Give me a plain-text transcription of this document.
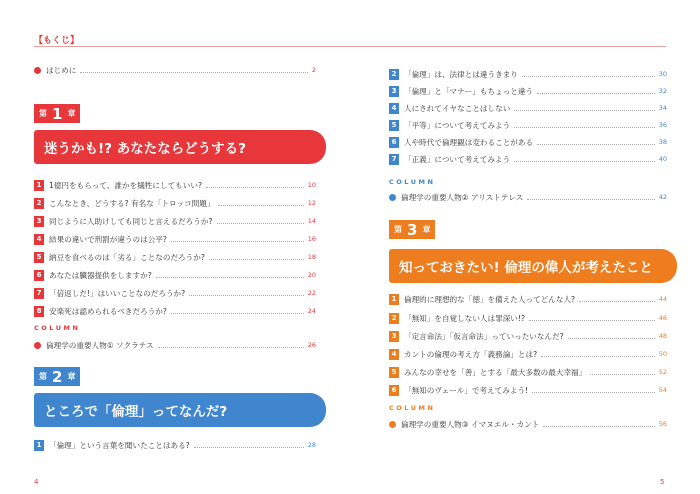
【もくじ】
はじめに	2
第 1 章
迷うかも!? あなたならどうする?
1 1億円をもらって、誰かを犠牲にしてもいい?	10
2 こんなとき、どうする? 有名な「トロッコ問題」	12
3 同じように人助けしても同じと言えるだろうか?	14
4 結果の違いで刑罰が違うのは公平?	16
5 納豆を食べるのは「劣る」ことなのだろうか?	18
6 あなたは臓器提供をしますか?	20
7 「倍返しだ!」はいいことなのだろうか?	22
8 安楽死は認められるべきだろうか?	24
COLUMN
倫理学の重要人物① ソクラテス	26
第 2 章
ところで「倫理」ってなんだ?
1 「倫理」という言葉を聞いたことはある?	28
2 「倫理」は、法律とは違うきまり	30
3 「倫理」と「マナー」もちょっと違う	32
4 人にされてイヤなことはしない	34
5 「平等」について考えてみよう	36
6 人や時代で倫理観は変わることがある	38
7 「正義」について考えてみよう	40
COLUMN
倫理学の重要人物② アリストテレス	42
第 3 章
知っておきたい! 倫理の偉人が考えたこと
1 倫理的に理想的な「徳」を備えた人ってどんな人?	44
2 「無知」を自覚しない人は罪深い!?	46
3 「定言命法」「仮言命法」っていったいなんだ?	48
4 カントの倫理の考え方「義務論」とは?	50
5 みんなの幸せを「善」とする「最大多数の最大幸福」	52
6 「無知のヴェール」で考えてみよう!	54
COLUMN
倫理学の重要人物③ イマヌエル・カント	56
4	5
